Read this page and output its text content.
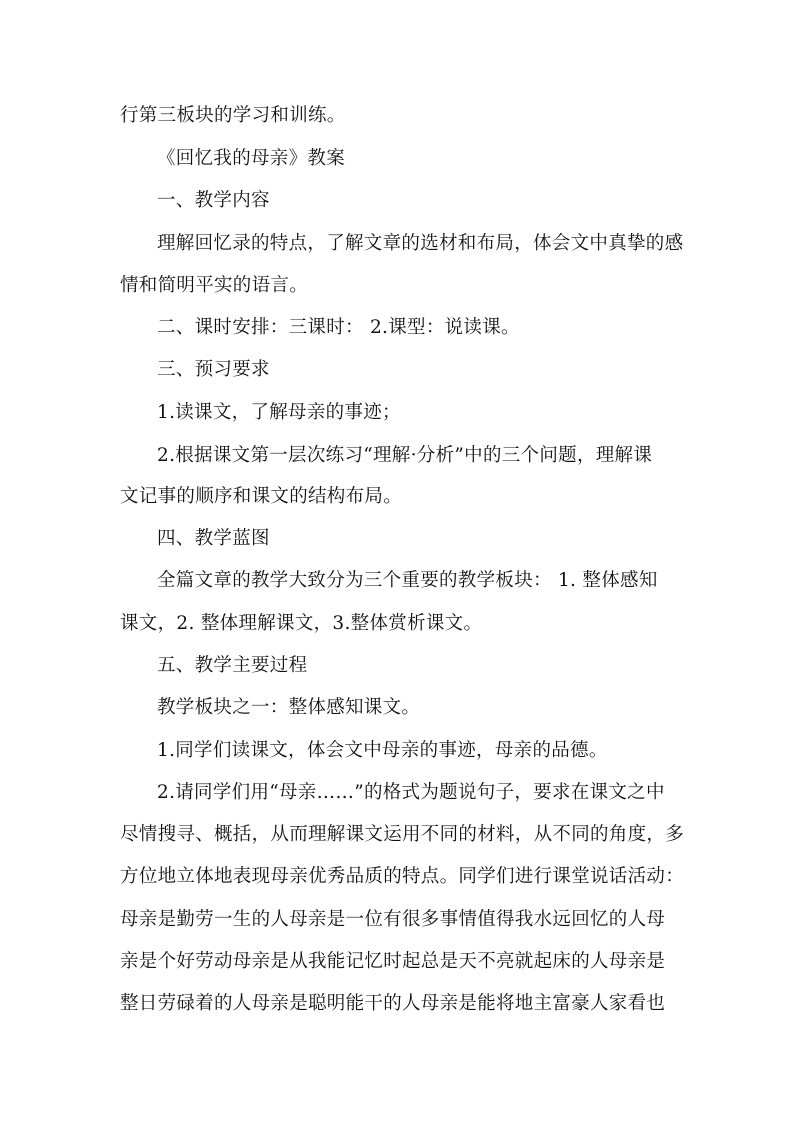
行第三板块的学习和训练。
《回忆我的母亲》教案
一、教学内容
理解回忆录的特点，了解文章的选材和布局，体会文中真挚的感
情和简明平实的语言。
二、课时安排：三课时： 2.课型：说读课。
三、预习要求
1.读课文，了解母亲的事迹；
2.根据课文第一层次练习“理解·分析”中的三个问题，理解课
文记事的顺序和课文的结构布局。
四、教学蓝图
全篇文章的教学大致分为三个重要的教学板块： 1. 整体感知
课文，2. 整体理解课文，3.整体赏析课文。
五、教学主要过程
教学板块之一：整体感知课文。
1.同学们读课文，体会文中母亲的事迹，母亲的品德。
2.请同学们用“母亲……”的格式为题说句子，要求在课文之中
尽情搜寻、概括，从而理解课文运用不同的材料，从不同的角度，多
方位地立体地表现母亲优秀品质的特点。同学们进行课堂说话活动：
母亲是勤劳一生的人母亲是一位有很多事情值得我水远回忆的人母
亲是个好劳动母亲是从我能记忆时起总是天不亮就起床的人母亲是
整日劳碌着的人母亲是聪明能干的人母亲是能将地主富豪人家看也
